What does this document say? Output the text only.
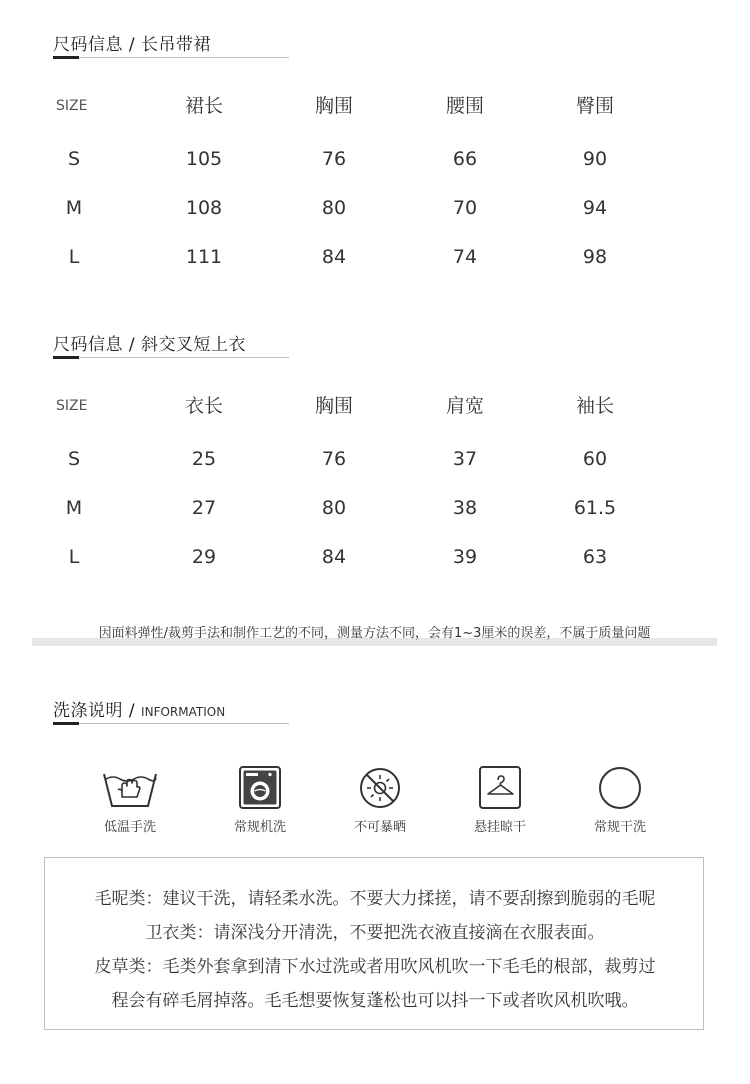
尺码信息 / 长吊带裙
SIZE	裙长	胸围	腰围	臀围
S	105	76	66	90
M	108	80	70	94
L	111	84	74	98
尺码信息 / 斜交叉短上衣
SIZE	衣长	胸围	肩宽	袖长
S	25	76	37	60
M	27	80	38	61.5
L	29	84	39	63
因面料弹性/裁剪手法和制作工艺的不同，测量方法不同，会有1~3厘米的误差，不属于质量问题
洗涤说明 / INFORMATION
低温手洗	常规机洗	不可暴晒	悬挂晾干	常规干洗
毛呢类：建议干洗，请轻柔水洗。不要大力揉搓，请不要刮擦到脆弱的毛呢
卫衣类：请深浅分开清洗，不要把洗衣液直接滴在衣服表面。
皮草类：毛类外套拿到清下水过洗或者用吹风机吹一下毛毛的根部，裁剪过
程会有碎毛屑掉落。毛毛想要恢复蓬松也可以抖一下或者吹风机吹哦。
